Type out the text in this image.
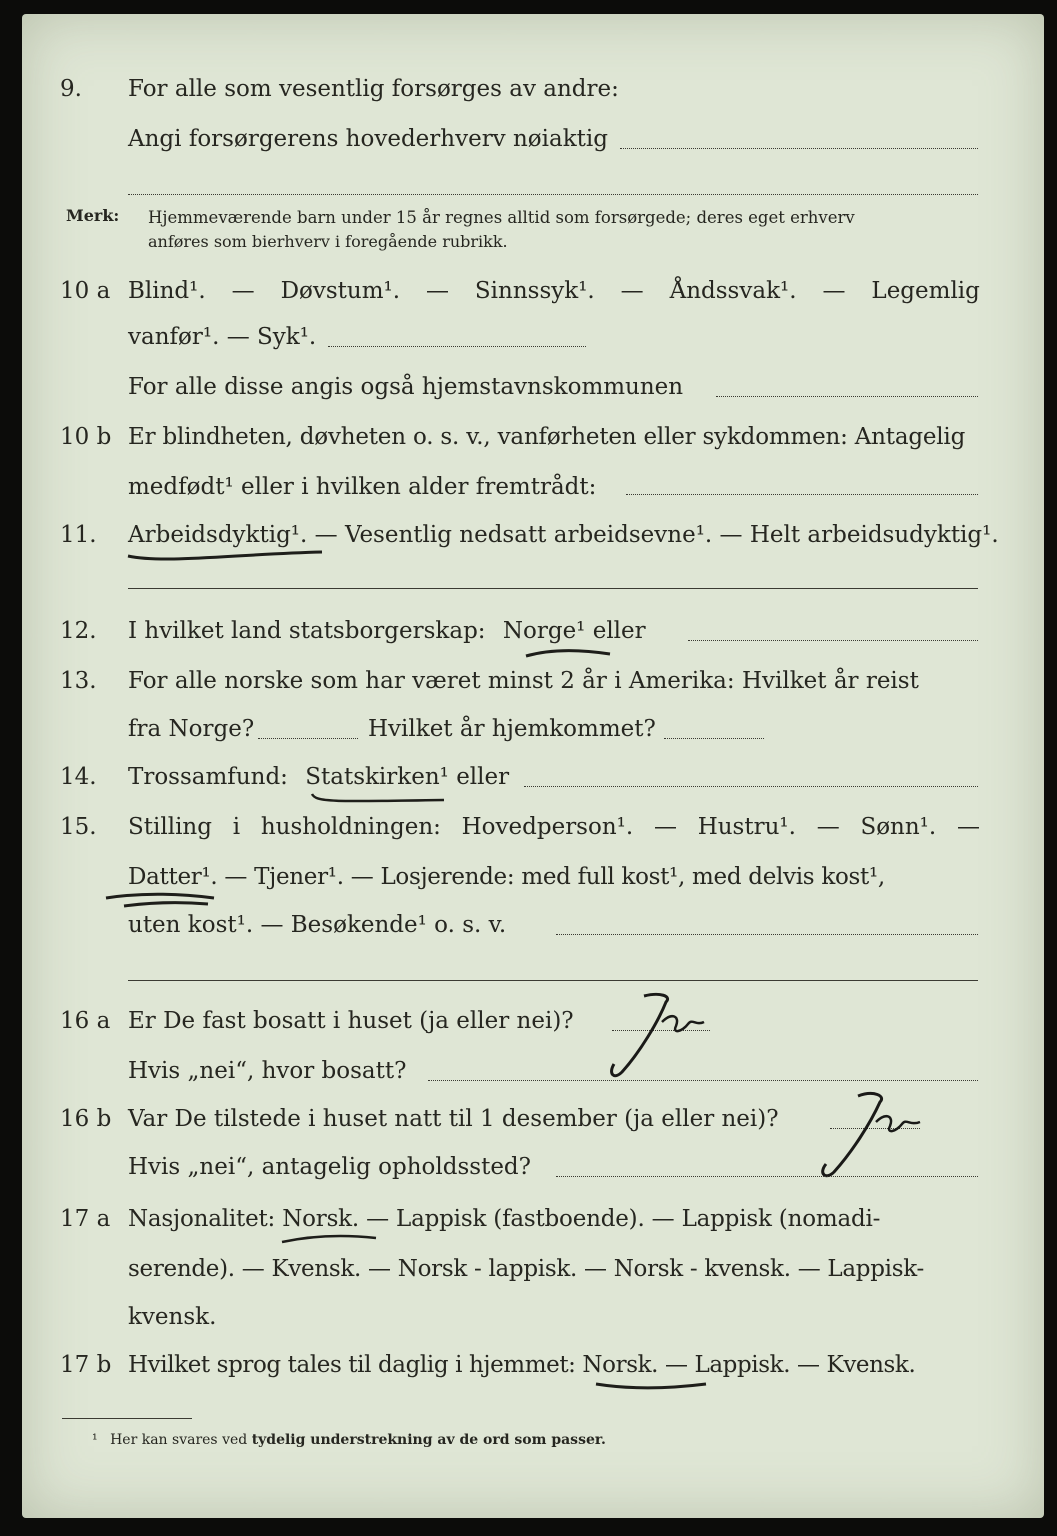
9. For alle som vesentlig forsørges av andre:
Angi forsørgerens hovederhverv nøiaktig
Merk: Hjemmeværende barn under 15 år regnes alltid som forsørgede; deres eget erhverv
anføres som bierhverv i foregående rubrikk.
10 a Blind¹. — Døvstum¹. — Sinnssyk¹. — Åndssvak¹. — Legemlig
vanfør¹. — Syk¹.
For alle disse angis også hjemstavnskommunen
10 b Er blindheten, døvheten o. s. v., vanførheten eller sykdommen: Antagelig
medfødt¹ eller i hvilken alder fremtrådt:
11. Arbeidsdyktig¹. — Vesentlig nedsatt arbeidsevne¹. — Helt arbeidsudyktig¹.
12. I hvilket land statsborgerskap: Norge¹ eller
13. For alle norske som har været minst 2 år i Amerika: Hvilket år reist
fra Norge?	Hvilket år hjemkommet?
14. Trossamfund: Statskirken¹ eller
15. Stilling i husholdningen: Hovedperson¹. — Hustru¹. — Sønn¹. —
Datter¹. — Tjener¹. — Losjerende: med full kost¹, med delvis kost¹,
uten kost¹. — Besøkende¹ o. s. v.
16 a Er De fast bosatt i huset (ja eller nei)?
Hvis „nei“, hvor bosatt?
16 b Var De tilstede i huset natt til 1 desember (ja eller nei)?
Hvis „nei“, antagelig opholdssted?
17 a Nasjonalitet: Norsk. — Lappisk (fastboende). — Lappisk (nomadi-
serende). — Kvensk. — Norsk - lappisk. — Norsk - kvensk. — Lappisk-
kvensk.
17 b Hvilket sprog tales til daglig i hjemmet: Norsk. — Lappisk. — Kvensk.
¹ Her kan svares ved tydelig understrekning av de ord som passer.
